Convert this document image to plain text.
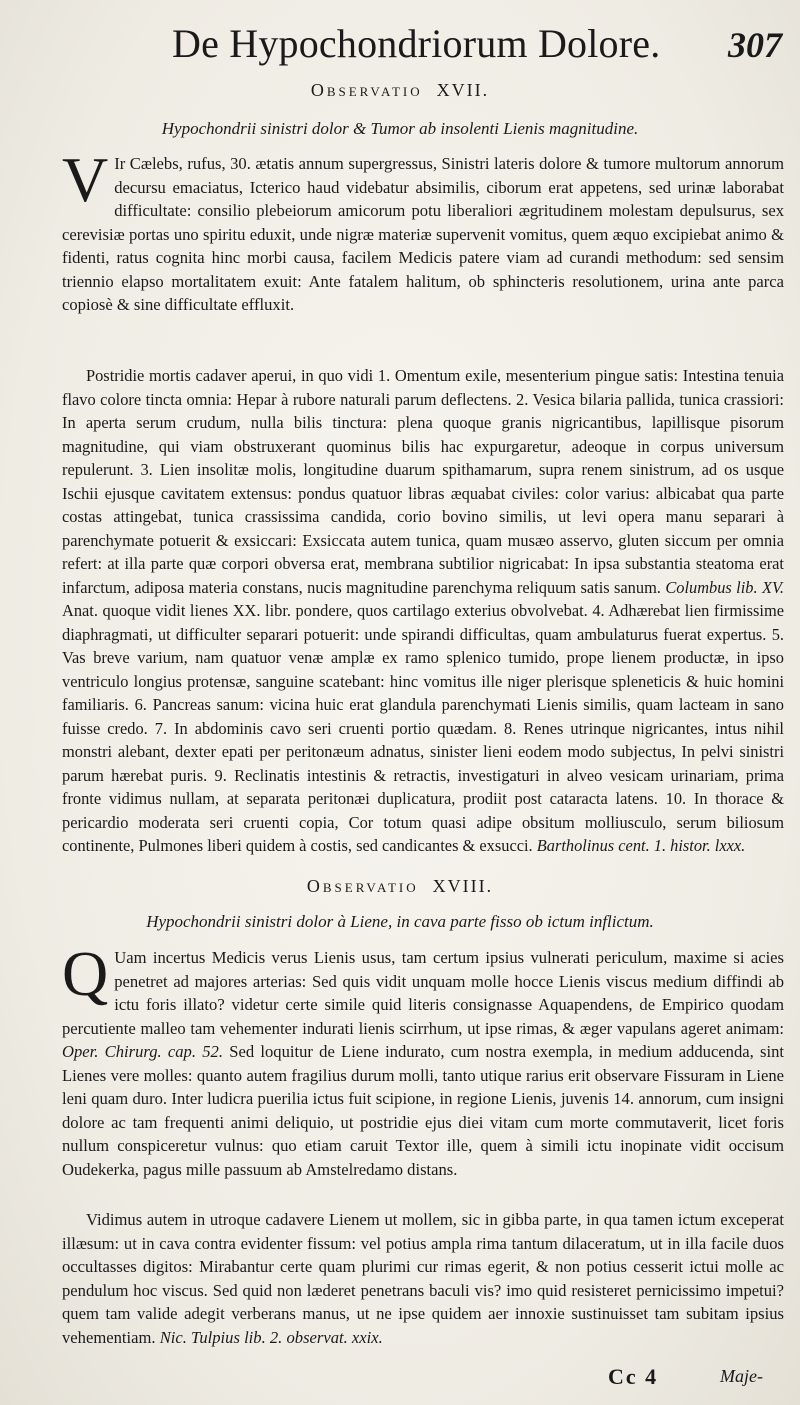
De Hypochondriorum Dolore. 307
Observatio XVII.
Hypochondrii sinistri dolor & Tumor ab insolenti Lienis magnitudine.

V Ir Cælebs, rufus, 30. ætatis annum supergressus, Sinistri lateris dolore & tumore multorum annorum decursu emaciatus, Icterico haud videbatur absimilis, ciborum erat appetens, sed urinæ laborabat difficultate: consilio plebeiorum amicorum potu liberaliori ægritudinem molestam depulsurus, sex cerevisiæ portas uno spiritu eduxit, unde nigræ materiæ supervenit vomitus, quem æquo excipiebat animo & fidenti, ratus cognita hinc morbi causa, facilem Medicis patere viam ad curandi methodum: sed sensim triennio elapso mortalitatem exuit: Ante fatalem halitum, ob sphincteris resolutionem, urina ante parca copiosè & sine difficultate effluxit.

Postridie mortis cadaver aperui, in quo vidi 1. Omentum exile, mesenterium pingue satis: Intestina tenuia flavo colore tincta omnia: Hepar à rubore naturali parum deflectens. 2. Vesica bilaria pallida, tunica crassiori: In aperta serum crudum, nulla bilis tinctura: plena quoque granis nigricantibus, lapillisque pisorum magnitudine, qui viam obstruxerant quominus bilis hac expurgaretur, adeoque in corpus universum repulerunt. 3. Lien insolitæ molis, longitudine duarum spithamarum, supra renem sinistrum, ad os usque Ischii ejusque cavitatem extensus: pondus quatuor libras æquabat civiles: color varius: albicabat qua parte costas attingebat, tunica crassissima candida, corio bovino similis, ut levi opera manu separari à parenchymate potuerit & exsiccari: Exsiccata autem tunica, quam musæo asservo, gluten siccum per omnia refert: at illa parte quæ corpori obversa erat, membrana subtilior nigricabat: In ipsa substantia steatoma erat infarctum, adiposa materia constans, nucis magnitudine parenchyma reliquum satis sanum. Columbus lib. XV. Anat. quoque vidit lienes XX. libr. pondere, quos cartilago exterius obvolvebat. 4. Adhærebat lien firmissime diaphragmati, ut difficulter separari potuerit: unde spirandi difficultas, quam ambulaturus fuerat expertus. 5. Vas breve varium, nam quatuor venæ amplæ ex ramo splenico tumido, prope lienem productæ, in ipso ventriculo longius protensæ, sanguine scatebant: hinc vomitus ille niger plerisque spleneticis & huic homini familiaris. 6. Pancreas sanum: vicina huic erat glandula parenchymati Lienis similis, quam lacteam in sano fuisse credo. 7. In abdominis cavo seri cruenti portio quædam. 8. Renes utrinque nigricantes, intus nihil monstri alebant, dexter epati per peritonæum adnatus, sinister lieni eodem modo subjectus, In pelvi sinistri parum hærebat puris. 9. Reclinatis intestinis & retractis, investigaturi in alveo vesicam urinariam, prima fronte vidimus nullam, at separata peritonæi duplicatura, prodiit post cataracta latens. 10. In thorace & pericardio moderata seri cruenti copia, Cor totum quasi adipe obsitum molliusculo, serum biliosum continente, Pulmones liberi quidem à costis, sed candicantes & exsucci. Bartholinus cent. 1. histor. lxxx.

Observatio XVIII.
Hypochondrii sinistri dolor à Liene, in cava parte fisso ob ictum inflictum.

Q Uam incertus Medicis verus Lienis usus, tam certum ipsius vulnerati periculum, maxime si acies penetret ad majores arterias: Sed quis vidit unquam molle hocce Lienis viscus medium diffindi ab ictu foris illato? videtur certe simile quid literis consignasse Aquapendens, de Empirico quodam percutiente malleo tam vehementer indurati lienis scirrhum, ut ipse rimas, & æger vapulans ageret animam: Oper. Chirurg. cap. 52. Sed loquitur de Liene indurato, cum nostra exempla, in medium adducenda, sint Lienes vere molles: quanto autem fragilius durum molli, tanto utique rarius erit observare Fissuram in Liene leni quam duro. Inter ludicra puerilia ictus fuit scipione, in regione Lienis, juvenis 14. annorum, cum insigni dolore ac tam frequenti animi deliquio, ut postridie ejus diei vitam cum morte commutaverit, licet foris nullum conspiceretur vulnus: quo etiam caruit Textor ille, quem à simili ictu inopinate vidit occisum Oudekerka, pagus mille passuum ab Amstelredamo distans.

Vidimus autem in utroque cadavere Lienem ut mollem, sic in gibba parte, in qua tamen ictum exceperat illæsum: ut in cava contra evidenter fissum: vel potius ampla rima tantum dilaceratum, ut in illa facile duos occultasses digitos: Mirabantur certe quam plurimi cur rimas egerit, & non potius cesserit ictui molle ac pendulum hoc viscus. Sed quid non læderet penetrans baculi vis? imo quid resisteret pernicissimo impetui? quem tam valide adegit verberans manus, ut ne ipse quidem aer innoxie sustinuisset tam subitam ipsius vehementiam. Nic. Tulpius lib. 2. observat. xxix.

Cc 4	Maje-
